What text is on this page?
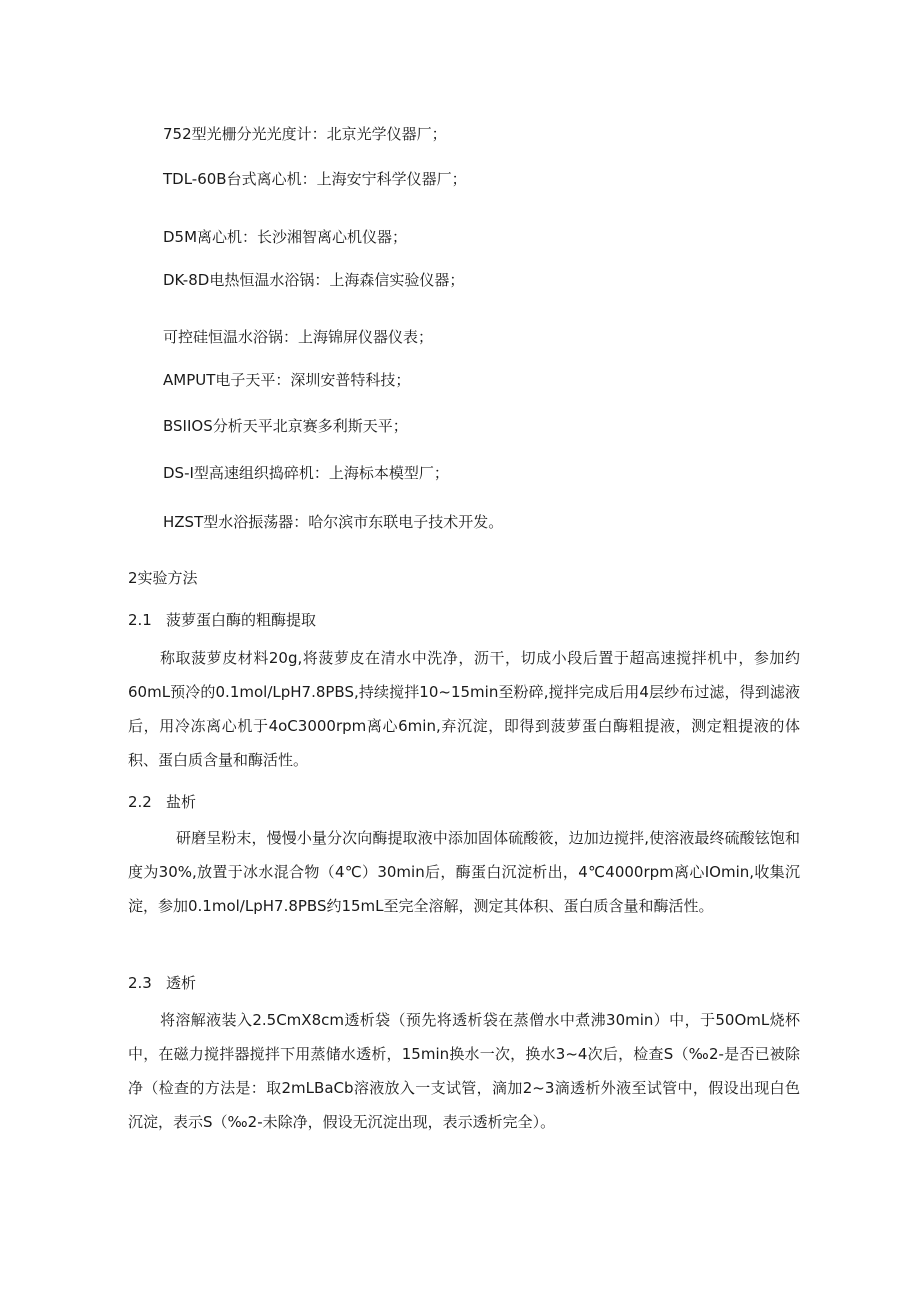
752型光栅分光光度计：北京光学仪器厂；
TDL-60B台式离心机：上海安宁科学仪器厂；
D5M离心机：长沙湘智离心机仪器；
DK-8D电热恒温水浴锅：上海森信实验仪器；
可控硅恒温水浴锅：上海锦屏仪器仪表；
AMPUT电子天平：深圳安普特科技；
BSIIOS分析天平北京赛多利斯天平；
DS-I型高速组织捣碎机：上海标本模型厂；
HZST型水浴振荡器：哈尔滨市东联电子技术开发。
2实验方法
2.1 菠萝蛋白酶的粗酶提取

称取菠萝皮材料20g,将菠萝皮在清水中洗净，沥干，切成小段后置于超高速搅拌机中，参加约60mL预冷的0.1mol∕LpH7.8PBS,持续搅拌10~15min至粉碎,搅拌完成后用4层纱布过滤，得到滤液后，用冷冻离心机于4oC3000rpm离心6min,弃沉淀，即得到菠萝蛋白酶粗提液，测定粗提液的体积、蛋白质含量和酶活性。

2.2 盐析

研磨呈粉末，慢慢小量分次向酶提取液中添加固体硫酸筱，边加边搅拌,使溶液最终硫酸铉饱和度为30%,放置于冰水混合物（4℃）30min后，酶蛋白沉淀析出，4℃4000rpm离心IOmin,收集沉淀，参加0.1mol∕LpH7.8PBS约15mL至完全溶解，测定其体积、蛋白质含量和酶活性。

2.3 透析

将溶解液装入2.5CmX8cm透析袋（预先将透析袋在蒸僧水中煮沸30min）中，于50OmL烧杯中，在磁力搅拌器搅拌下用蒸储水透析，15min换水一次，换水3~4次后，检查S（‰2-是否已被除净（检查的方法是：取2mLBaCb溶液放入一支试管，滴加2~3滴透析外液至试管中，假设出现白色沉淀，表示S（‰2-未除净，假设无沉淀出现，表示透析完全）。
